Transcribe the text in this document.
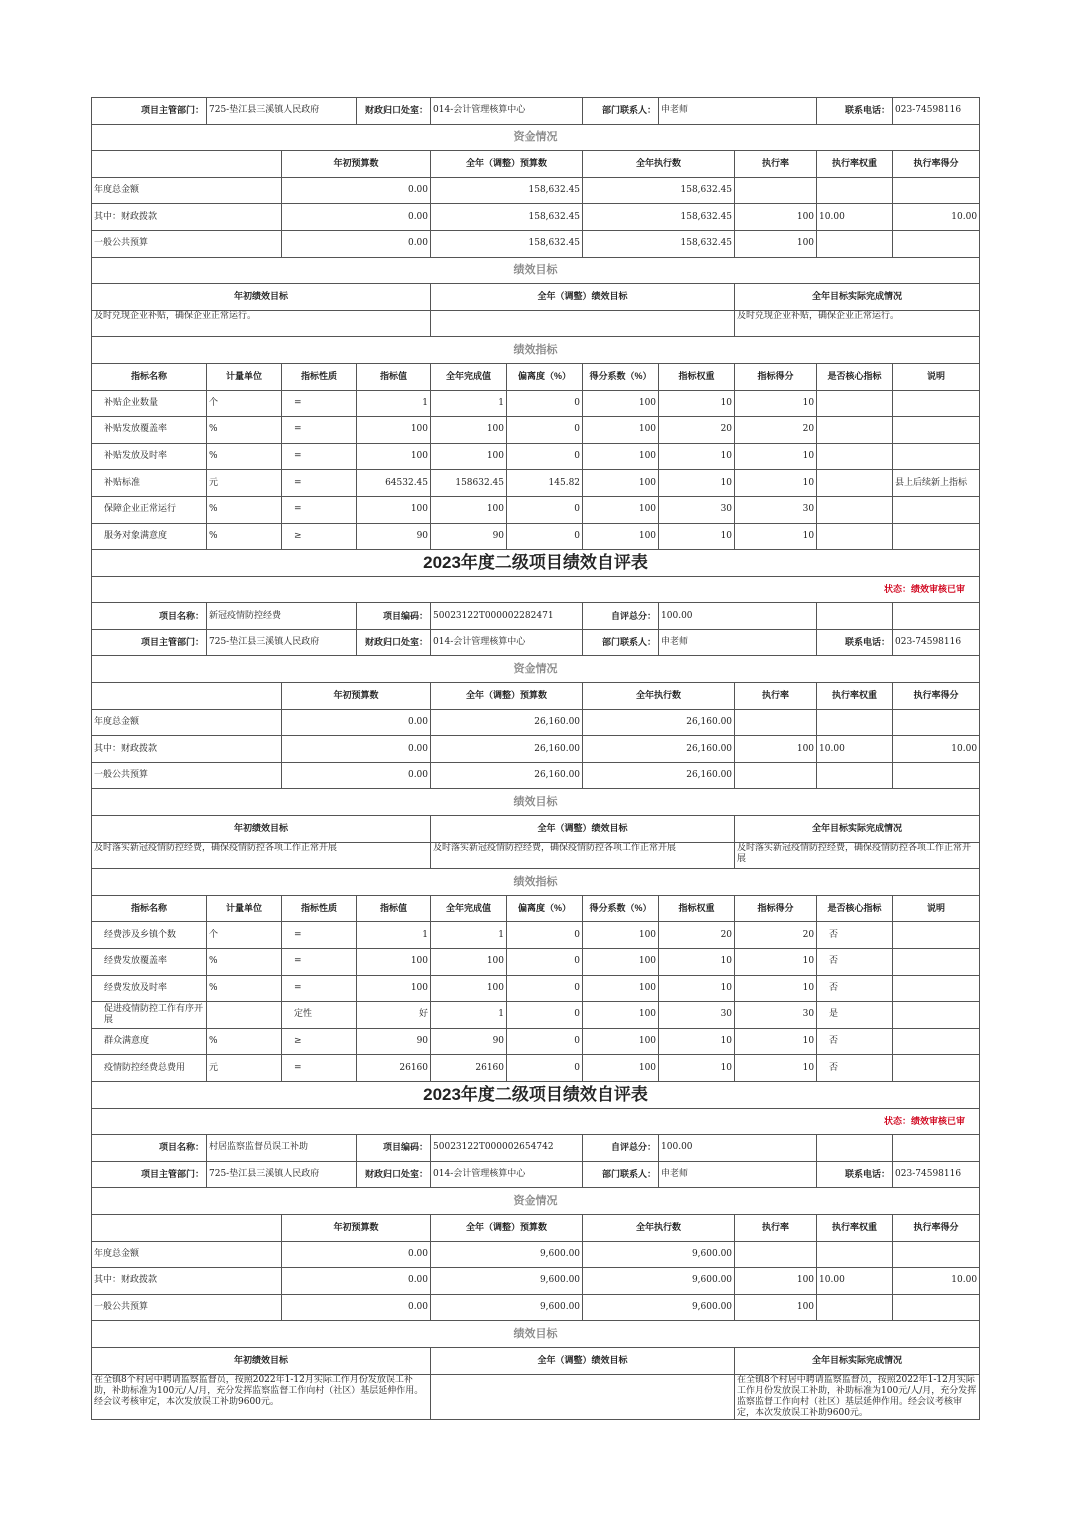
项目主管部门：	725-垫江县三溪镇人民政府		财政归口处室：	014-会计管理核算中心		部门联系人：	申老师		联系电话：	023-74598116
资金情况										
		年初预算数		全年（调整）预算数		全年执行数		执行率	执行率权重	执行率得分
年度总金额		0.00		158,632.45		158,632.45				
其中：财政拨款		0.00		158,632.45		158,632.45		100	10.00	10.00
一般公共预算		0.00		158,632.45		158,632.45		100		
绩效目标										
年初绩效目标				全年（调整）绩效目标				全年目标实际完成情况		
及时兑现企业补贴，确保企业正常运行。								及时兑现企业补贴，确保企业正常运行。		
绩效指标										
指标名称	计量单位	指标性质	指标值	全年完成值	偏离度（%）	得分系数（%）	指标权重	指标得分	是否核心指标	说明
补贴企业数量	个	=	1	1	0	100	10	10		
补贴发放覆盖率	%	=	100	100	0	100	20	20		
补贴发放及时率	%	=	100	100	0	100	10	10		
补贴标准	元	=	64532.45	158632.45	145.82	100	10	10		县上后续新上指标
保障企业正常运行	%	=	100	100	0	100	30	30		
服务对象满意度	%	≥	90	90	0	100	10	10		
2023年度二级项目绩效自评表										
状态：绩效审核已审										
项目名称：	新冠疫情防控经费		项目编码：	50023122T000002282471		自评总分：	100.00			
项目主管部门：	725-垫江县三溪镇人民政府		财政归口处室：	014-会计管理核算中心		部门联系人：	申老师		联系电话：	023-74598116
资金情况										
		年初预算数		全年（调整）预算数		全年执行数		执行率	执行率权重	执行率得分
年度总金额		0.00		26,160.00		26,160.00				
其中：财政拨款		0.00		26,160.00		26,160.00		100	10.00	10.00
一般公共预算		0.00		26,160.00		26,160.00				
绩效目标										
年初绩效目标				全年（调整）绩效目标				全年目标实际完成情况		
及时落实新冠疫情防控经费，确保疫情防控各项工作正常开展				及时落实新冠疫情防控经费，确保疫情防控各项工作正常开展				及时落实新冠疫情防控经费，确保疫情防控各项工作正常开展		
绩效指标										
指标名称	计量单位	指标性质	指标值	全年完成值	偏离度（%）	得分系数（%）	指标权重	指标得分	是否核心指标	说明
经费涉及乡镇个数	个	=	1	1	0	100	20	20	否	
经费发放覆盖率	%	=	100	100	0	100	10	10	否	
经费发放及时率	%	=	100	100	0	100	10	10	否	
促进疫情防控工作有序开展		定性	好	1	0	100	30	30	是	
群众满意度	%	≥	90	90	0	100	10	10	否	
疫情防控经费总费用	元	=	26160	26160	0	100	10	10	否	
2023年度二级项目绩效自评表										
状态：绩效审核已审										
项目名称：	村居监察监督员误工补助		项目编码：	50023122T000002654742		自评总分：	100.00			
项目主管部门：	725-垫江县三溪镇人民政府		财政归口处室：	014-会计管理核算中心		部门联系人：	申老师		联系电话：	023-74598116
资金情况										
		年初预算数		全年（调整）预算数		全年执行数		执行率	执行率权重	执行率得分
年度总金额		0.00		9,600.00		9,600.00				
其中：财政拨款		0.00		9,600.00		9,600.00		100	10.00	10.00
一般公共预算		0.00		9,600.00		9,600.00		100		
绩效目标										
年初绩效目标				全年（调整）绩效目标				全年目标实际完成情况		
在全镇8个村居中聘请监察监督员，按照2022年1-12月实际工作月份发放误工补助，补助标准为100元/人/月，充分发挥监察监督工作向村（社区）基层延伸作用。经会议考核审定，本次发放误工补助9600元。								在全镇8个村居中聘请监察监督员，按照2022年1-12月实际工作月份发放误工补助，补助标准为100元/人/月，充分发挥监察监督工作向村（社区）基层延伸作用。经会议考核审定，本次发放误工补助9600元。		
